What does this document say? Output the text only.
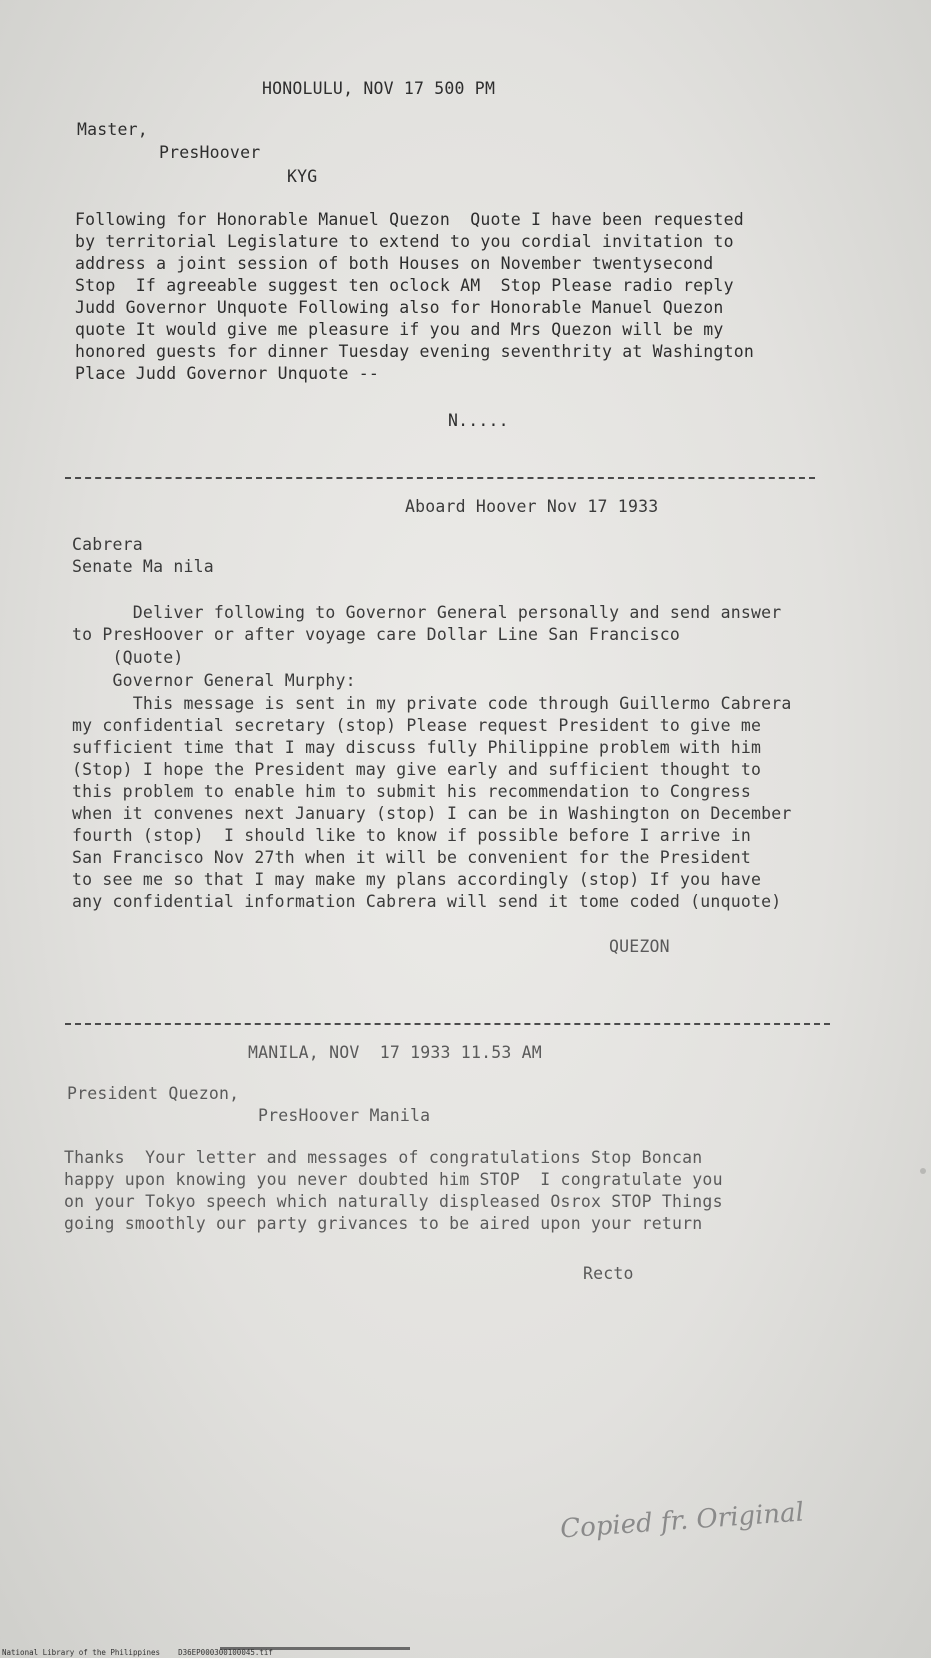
HONOLULU, NOV 17 500 PM
Master,
PresHoover
KYG
Following for Honorable Manuel Quezon  Quote I have been requested
by territorial Legislature to extend to you cordial invitation to
address a joint session of both Houses on November twentysecond
Stop  If agreeable suggest ten oclock AM  Stop Please radio reply
Judd Governor Unquote Following also for Honorable Manuel Quezon
quote It would give me pleasure if you and Mrs Quezon will be my
honored guests for dinner Tuesday evening seventhrity at Washington
Place Judd Governor Unquote --
N.....
Aboard Hoover Nov 17 1933
Cabrera
Senate Ma nila
Deliver following to Governor General personally and send answer
to PresHoover or after voyage care Dollar Line San Francisco
(Quote)
Governor General Murphy:
This message is sent in my private code through Guillermo Cabrera
my confidential secretary (stop) Please request President to give me
sufficient time that I may discuss fully Philippine problem with him
(Stop) I hope the President may give early and sufficient thought to
this problem to enable him to submit his recommendation to Congress
when it convenes next January (stop) I can be in Washington on December
fourth (stop)  I should like to know if possible before I arrive in
San Francisco Nov 27th when it will be convenient for the President
to see me so that I may make my plans accordingly (stop) If you have
any confidential information Cabrera will send it tome coded (unquote)
QUEZON
MANILA, NOV  17 1933 11.53 AM
President Quezon,
PresHoover Manila
Thanks  Your letter and messages of congratulations Stop Boncan
happy upon knowing you never doubted him STOP  I congratulate you
on your Tokyo speech which naturally displeased Osrox STOP Things
going smoothly our party grivances to be aired upon your return
Recto
Copied fr. Original
National Library of the Philippines    D36EP000300100045.tif
